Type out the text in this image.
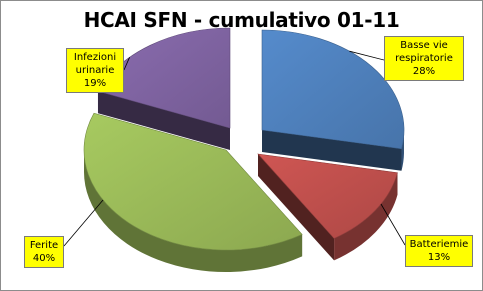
HCAI SFN - cumulativo 01-11
Basse vie
respiratorie
28%
Batteriemie
13%
Ferite
40%
Infezioni
urinarie
19%
